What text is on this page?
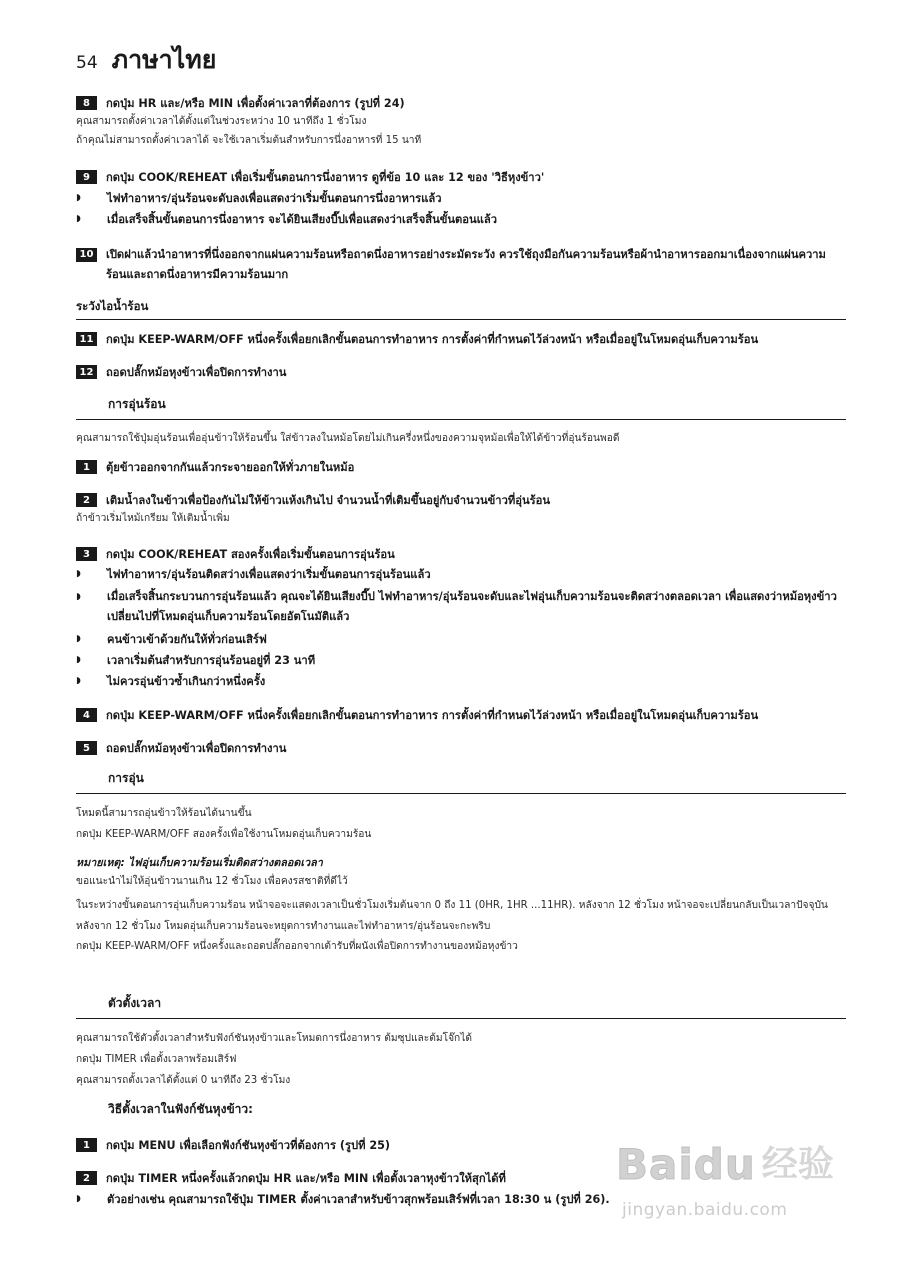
54 ภาษาไทย
8	กดปุ่ม HR และ/หรือ MIN เพื่อตั้งค่าเวลาที่ต้องการ (รูปที่ 24)
คุณสามารถตั้งค่าเวลาได้ตั้งแต่ในช่วงระหว่าง 10 นาทีถึง 1 ชั่วโมง
ถ้าคุณไม่สามารถตั้งค่าเวลาได้ จะใช้เวลาเริ่มต้นสำหรับการนึ่งอาหารที่ 15 นาที
9	กดปุ่ม COOK/REHEAT เพื่อเริ่มขั้นตอนการนึ่งอาหาร ดูที่ข้อ 10 และ 12 ของ 'วิธีหุงข้าว'
◗	ไฟทำอาหาร/อุ่นร้อนจะดับลงเพื่อแสดงว่าเริ่มขั้นตอนการนึ่งอาหารแล้ว
◗	เมื่อเสร็จสิ้นขั้นตอนการนึ่งอาหาร จะได้ยินเสียงบี๊ปเพื่อแสดงว่าเสร็จสิ้นขั้นตอนแล้ว
10	เปิดฝาแล้วนำอาหารที่นึ่งออกจากแผ่นความร้อนหรือถาดนึ่งอาหารอย่างระมัดระวัง ควรใช้ถุงมือกันความร้อนหรือผ้านำอาหารออกมาเนื่องจากแผ่นความร้อนและถาดนึ่งอาหารมีความร้อนมาก
ระวังไอน้ำร้อน
11	กดปุ่ม KEEP-WARM/OFF หนึ่งครั้งเพื่อยกเลิกขั้นตอนการทำอาหาร การตั้งค่าที่กำหนดไว้ล่วงหน้า หรือเมื่ออยู่ในโหมดอุ่นเก็บความร้อน
12	ถอดปลั๊กหม้อหุงข้าวเพื่อปิดการทำงาน
การอุ่นร้อน
คุณสามารถใช้ปุ่มอุ่นร้อนเพื่ออุ่นข้าวให้ร้อนขึ้น ใส่ข้าวลงในหม้อโดยไม่เกินครึ่งหนึ่งของความจุหม้อเพื่อให้ได้ข้าวที่อุ่นร้อนพอดี
1	ตุ้ยข้าวออกจากกันแล้วกระจายออกให้ทั่วภายในหม้อ
2	เติมน้ำลงในข้าวเพื่อป้องกันไม่ให้ข้าวแห้งเกินไป จำนวนน้ำที่เติมขึ้นอยู่กับจำนวนข้าวที่อุ่นร้อน
ถ้าข้าวเริ่มไหม้เกรียม ให้เติมน้ำเพิ่ม
3	กดปุ่ม COOK/REHEAT สองครั้งเพื่อเริ่มขั้นตอนการอุ่นร้อน
◗	ไฟทำอาหาร/อุ่นร้อนติดสว่างเพื่อแสดงว่าเริ่มขั้นตอนการอุ่นร้อนแล้ว
◗	เมื่อเสร็จสิ้นกระบวนการอุ่นร้อนแล้ว คุณจะได้ยินเสียงบี๊ป ไฟทำอาหาร/อุ่นร้อนจะดับและไฟอุ่นเก็บความร้อนจะติดสว่างตลอดเวลา เพื่อแสดงว่าหม้อหุงข้าวเปลี่ยนไปที่โหมดอุ่นเก็บความร้อนโดยอัตโนมัติแล้ว
◗	คนข้าวเข้าด้วยกันให้ทั่วก่อนเสิร์ฟ
◗	เวลาเริ่มต้นสำหรับการอุ่นร้อนอยู่ที่ 23 นาที
◗	ไม่ควรอุ่นข้าวซ้ำเกินกว่าหนึ่งครั้ง
4	กดปุ่ม KEEP-WARM/OFF หนึ่งครั้งเพื่อยกเลิกขั้นตอนการทำอาหาร การตั้งค่าที่กำหนดไว้ล่วงหน้า หรือเมื่ออยู่ในโหมดอุ่นเก็บความร้อน
5	ถอดปลั๊กหม้อหุงข้าวเพื่อปิดการทำงาน
การอุ่น
โหมดนี้สามารถอุ่นข้าวให้ร้อนได้นานขึ้น
กดปุ่ม KEEP-WARM/OFF สองครั้งเพื่อใช้งานโหมดอุ่นเก็บความร้อน
หมายเหตุ: ไฟอุ่นเก็บความร้อนเริ่มติดสว่างตลอดเวลา
ขอแนะนำไม่ให้อุ่นข้าวนานเกิน 12 ชั่วโมง เพื่อคงรสชาติที่ดีไว้
ในระหว่างขั้นตอนการอุ่นเก็บความร้อน หน้าจอจะแสดงเวลาเป็นชั่วโมงเริ่มต้นจาก 0 ถึง 11 (0HR, 1HR ...11HR). หลังจาก 12 ชั่วโมง หน้าจอจะเปลี่ยนกลับเป็นเวลาปัจจุบัน
หลังจาก 12 ชั่วโมง โหมดอุ่นเก็บความร้อนจะหยุดการทำงานและไฟทำอาหาร/อุ่นร้อนจะกะพริบ
กดปุ่ม KEEP-WARM/OFF หนึ่งครั้งและถอดปลั๊กออกจากเต้ารับที่ผนังเพื่อปิดการทำงานของหม้อหุงข้าว
ตัวตั้งเวลา
คุณสามารถใช้ตัวตั้งเวลาสำหรับฟังก์ชันหุงข้าวและโหมดการนึ่งอาหาร ต้มซุปและต้มโจ๊กได้
กดปุ่ม TIMER เพื่อตั้งเวลาพร้อมเสิร์ฟ
คุณสามารถตั้งเวลาได้ตั้งแต่ 0 นาทีถึง 23 ชั่วโมง
วิธีตั้งเวลาในฟังก์ชันหุงข้าว:
1	กดปุ่ม MENU เพื่อเลือกฟังก์ชันหุงข้าวที่ต้องการ (รูปที่ 25)
2	กดปุ่ม TIMER หนึ่งครั้งแล้วกดปุ่ม HR และ/หรือ MIN เพื่อตั้งเวลาหุงข้าวให้สุกได้ที่
◗	ตัวอย่างเช่น คุณสามารถใช้ปุ่ม TIMER ตั้งค่าเวลาสำหรับข้าวสุกพร้อมเสิร์ฟที่เวลา 18:30 น (รูปที่ 26).
Baidu 经验
jingyan.baidu.com
